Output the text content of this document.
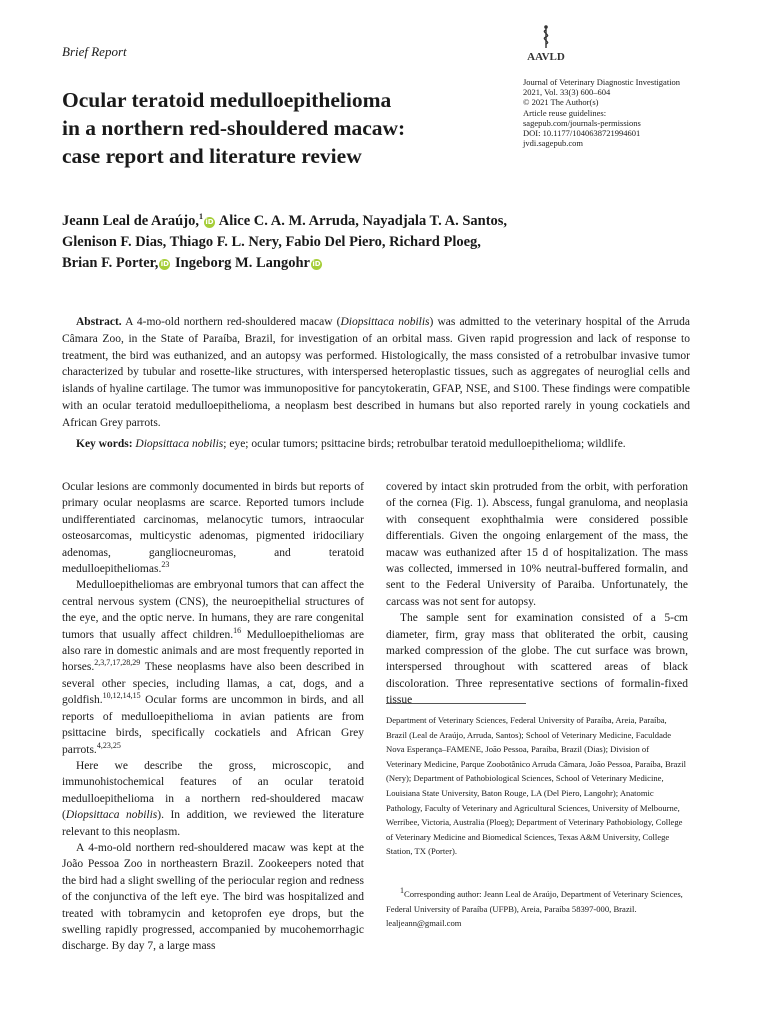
Brief Report	AAVLD
Journal of Veterinary Diagnostic Investigation
2021, Vol. 33(3) 600–604
© 2021 The Author(s)
Article reuse guidelines:
sagepub.com/journals-permissions
DOI: 10.1177/1040638721994601
jvdi.sagepub.com
Ocular teratoid medulloepithelioma
in a northern red-shouldered macaw:
case report and literature review
Jeann Leal de Araújo,$^1$iD Alice C. A. M. Arruda, Nayadjala T. A. Santos,
Glenison F. Dias, Thiago F. L. Nery, Fabio Del Piero, Richard Ploeg,
Brian F. Porter, iD Ingeborg M. Langohr iD

Abstract. A 4-mo-old northern red-shouldered macaw (Diopsittaca nobilis) was admitted to the veterinary hospital of the Arruda Câmara Zoo, in the State of Paraíba, Brazil, for investigation of an orbital mass. Given rapid progression and lack of response to treatment, the bird was euthanized, and an autopsy was performed. Histologically, the mass consisted of a retrobulbar invasive tumor characterized by tubular and rosette-like structures, with interspersed heteroplastic tissues, such as aggregates of neuroglial cells and islands of hyaline cartilage. The tumor was immunopositive for pancytokeratin, GFAP, NSE, and S100. These findings were compatible with an ocular teratoid medulloepithelioma, a neoplasm best described in humans but also reported rarely in young cockatiels and African Grey parrots.

Key words: Diopsittaca nobilis; eye; ocular tumors; psittacine birds; retrobulbar teratoid medulloepithelioma; wildlife.

Ocular lesions are commonly documented in birds but reports of primary ocular neoplasms are scarce. Reported tumors include undifferentiated carcinomas, melanocytic tumors, intraocular osteosarcomas, multicystic adenomas, pigmented iridociliary adenomas, gangliocneuromas, and teratoid medulloepitheliomas.$^{23}$

Medulloepitheliomas are embryonal tumors that can affect the central nervous system (CNS), the neuroepithelial structures of the eye, and the optic nerve. In humans, they are rare congenital tumors that usually affect children.$^{16}$ Medulloepitheliomas are also rare in domestic animals and are most frequently reported in horses.$^{2,3,7,17,28,29}$ These neoplasms have also been described in several other species, including llamas, a cat, dogs, and a goldfish.$^{10,12,14,15}$ Ocular forms are uncommon in birds, and all reports of medulloepithelioma in avian patients are from psittacine birds, specifically cockatiels and African Grey parrots.$^{4,23,25}$

Here we describe the gross, microscopic, and immunohistochemical features of an ocular teratoid medulloepithelioma in a northern red-shouldered macaw (Diopsittaca nobilis). In addition, we reviewed the literature relevant to this neoplasm.

A 4-mo-old northern red-shouldered macaw was kept at the João Pessoa Zoo in northeastern Brazil. Zookeepers noted that the bird had a slight swelling of the periocular region and redness of the conjunctiva of the left eye. The bird was hospitalized and treated with tobramycin and ketoprofen eye drops, but the swelling rapidly progressed, accompanied by mucohemorrhagic discharge. By day 7, a large mass

covered by intact skin protruded from the orbit, with perforation of the cornea (Fig. 1). Abscess, fungal granuloma, and neoplasia with consequent exophthalmia were considered possible differentials. Given the ongoing enlargement of the mass, the macaw was euthanized after 15 d of hospitalization. The mass was collected, immersed in 10% neutral-buffered formalin, and sent to the Federal University of Paraiba. Unfortunately, the carcass was not sent for autopsy.

The sample sent for examination consisted of a 5-cm diameter, firm, gray mass that obliterated the orbit, causing marked compression of the globe. The cut surface was brown, interspersed throughout with scattered areas of black discoloration. Three representative sections of formalin-fixed tissue

Department of Veterinary Sciences, Federal University of Paraíba, Areia, Paraíba, Brazil (Leal de Araújo, Arruda, Santos); School of Veterinary Medicine, Faculdade Nova Esperança–FAMENE, João Pessoa, Paraíba, Brazil (Dias); Division of Veterinary Medicine, Parque Zoobotânico Arruda Câmara, João Pessoa, Paraíba, Brazil (Nery); Department of Pathobiological Sciences, School of Veterinary Medicine, Louisiana State University, Baton Rouge, LA (Del Piero, Langohr); Anatomic Pathology, Faculty of Veterinary and Agricultural Sciences, University of Melbourne, Werribee, Victoria, Australia (Ploeg); Department of Veterinary Pathobiology, College of Veterinary Medicine and Biomedical Sciences, Texas A&M University, College Station, TX (Porter).
$^1$Corresponding author: Jeann Leal de Araújo, Department of Veterinary Sciences, Federal University of Paraíba (UFPB), Areia, Paraíba 58397-000, Brazil. lealjeann@gmail.com
